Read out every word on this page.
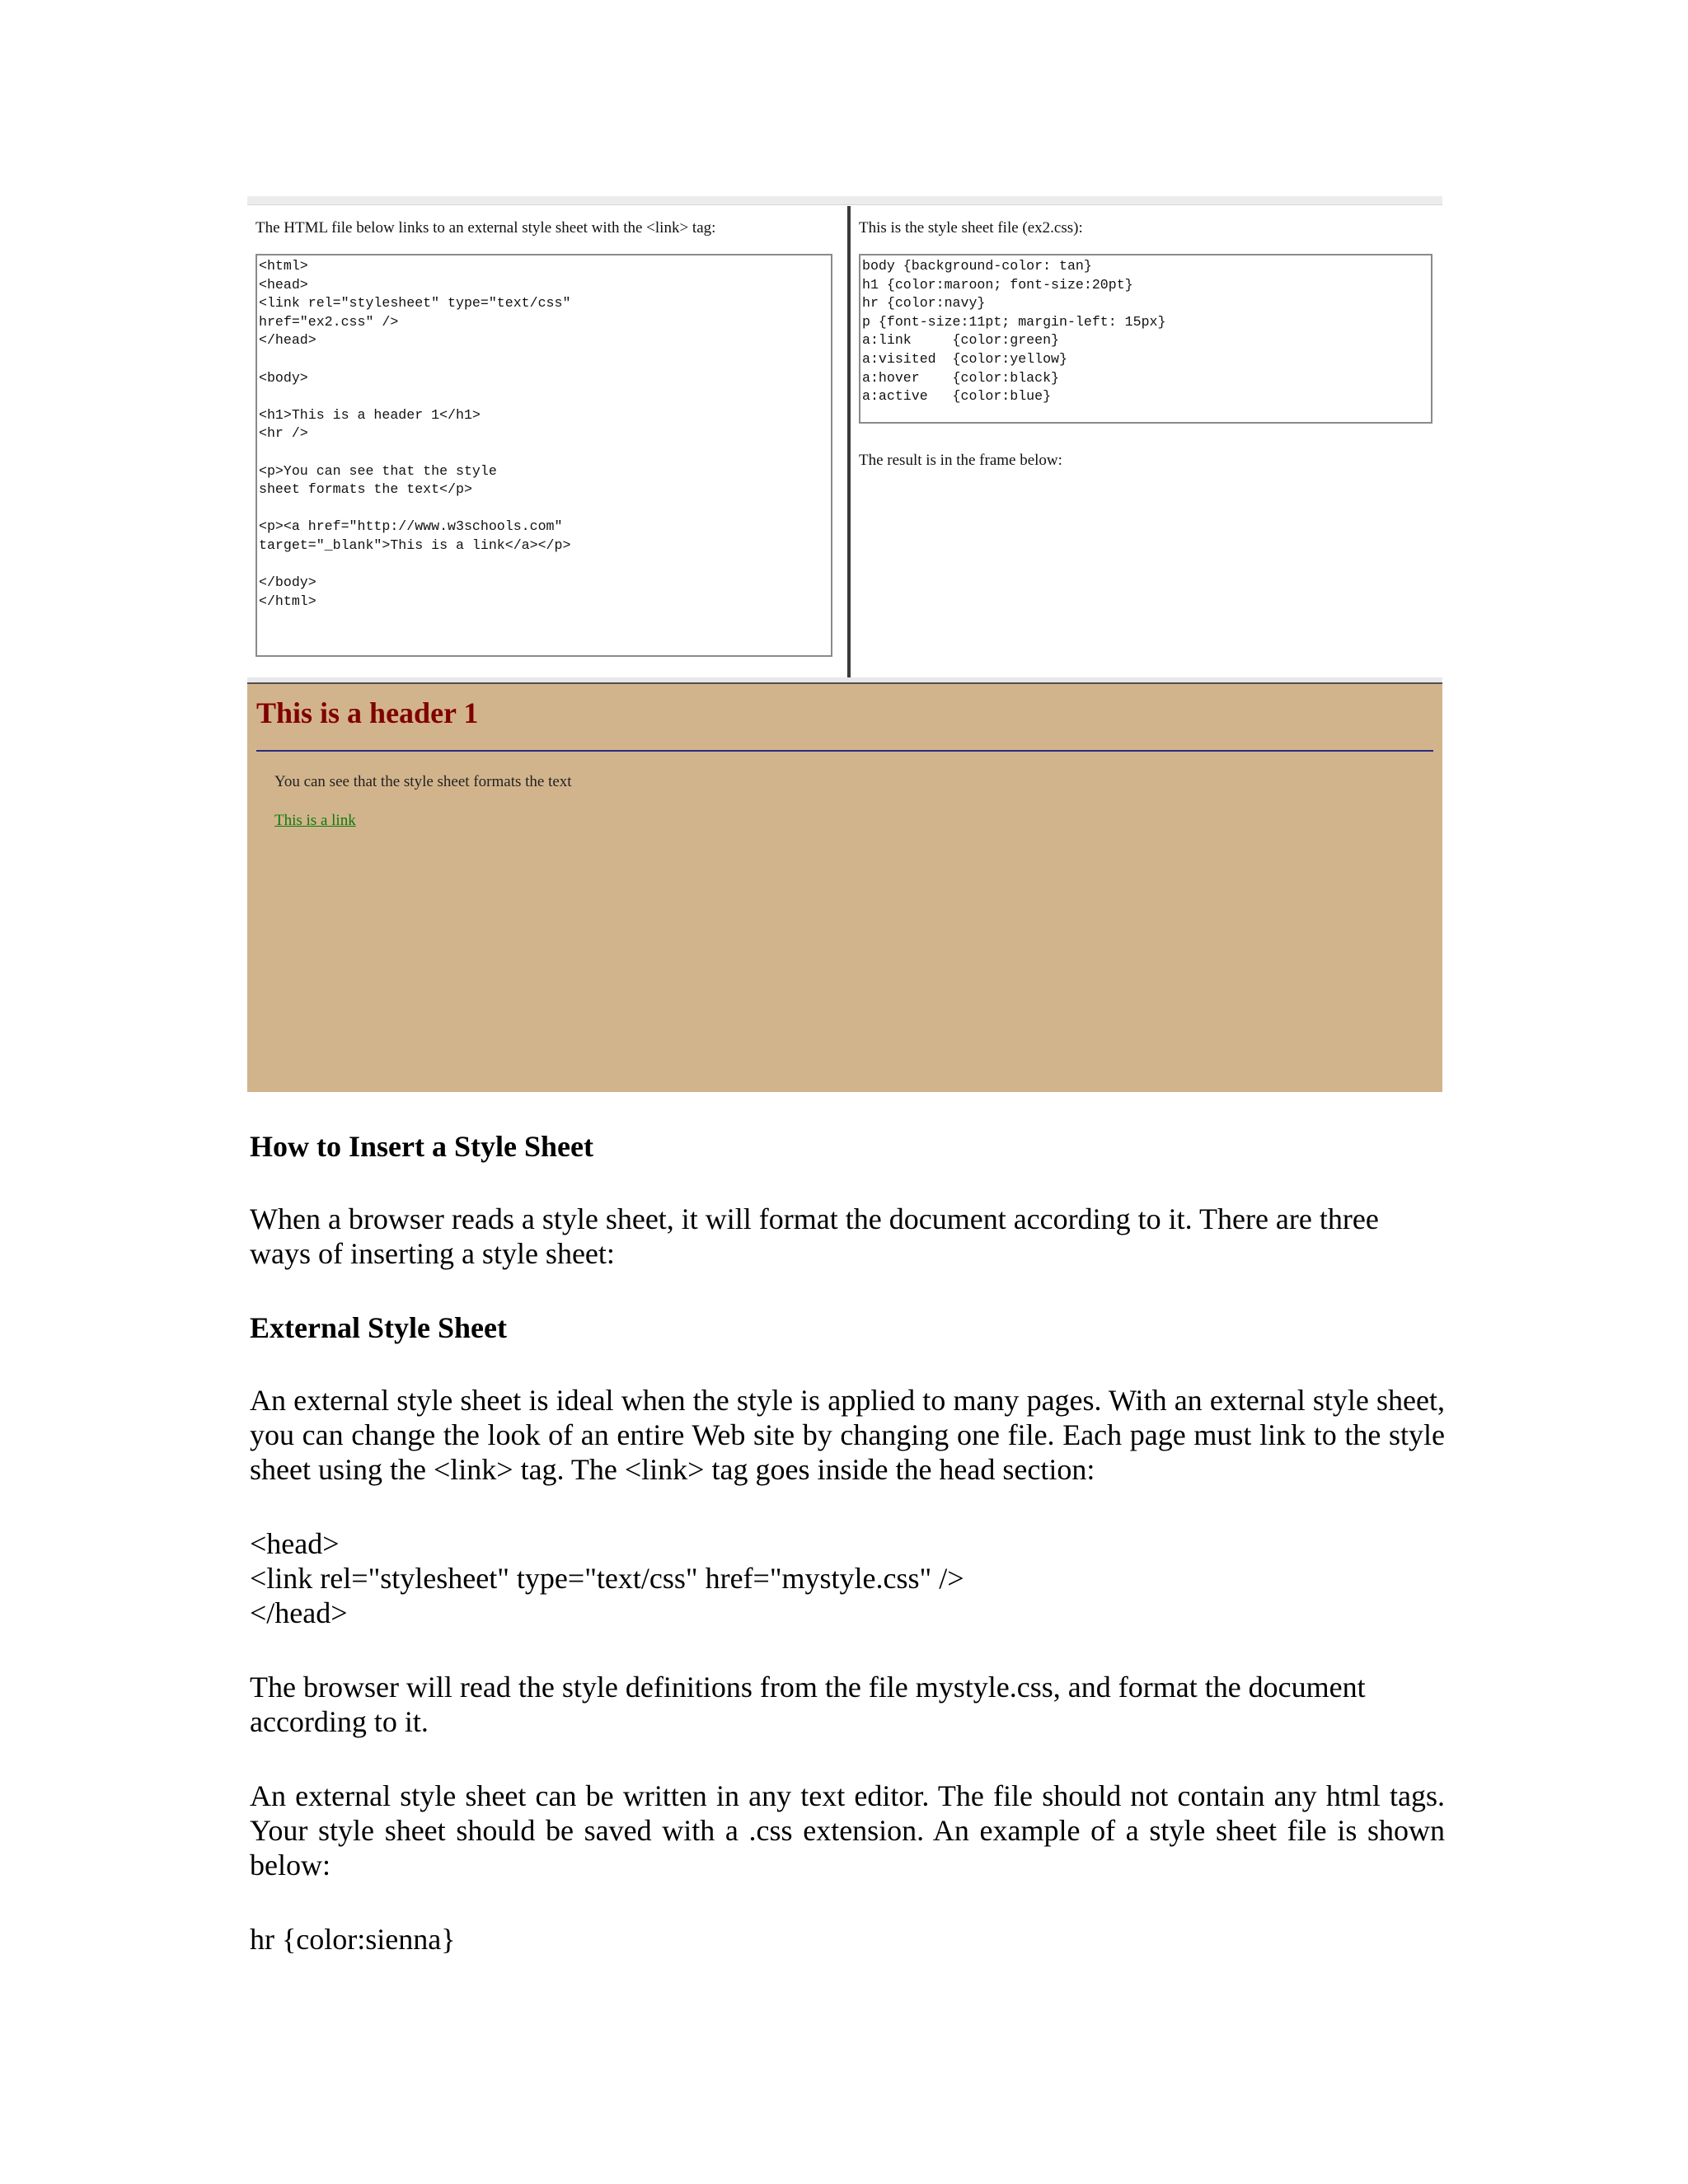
The HTML file below links to an external style sheet with the <link> tag:
<html>
<head>
<link rel="stylesheet" type="text/css"
href="ex2.css" />
</head>
<body>
<h1>This is a header 1</h1>
<hr />
<p>You can see that the style
sheet formats the text</p>
<p><a href="http://www.w3schools.com"
target="_blank">This is a link</a></p>
</body>
</html>
This is the style sheet file (ex2.css):
body {background-color: tan}
h1 {color:maroon; font-size:20pt}
hr {color:navy}
p {font-size:11pt; margin-left: 15px}
a:link     {color:green}
a:visited  {color:yellow}
a:hover    {color:black}
a:active   {color:blue}
The result is in the frame below:
This is a header 1
You can see that the style sheet formats the text
This is a link
How to Insert a Style Sheet
When a browser reads a style sheet, it will format the document according to it. There are three ways of inserting a style sheet:
External Style Sheet
An external style sheet is ideal when the style is applied to many pages. With an external style sheet, you can change the look of an entire Web site by changing one file. Each page must link to the style sheet using the <link> tag. The <link> tag goes inside the head section:
<head>
<link rel="stylesheet" type="text/css" href="mystyle.css" />
</head>
The browser will read the style definitions from the file mystyle.css, and format the document according to it.
An external style sheet can be written in any text editor. The file should not contain any html tags. Your style sheet should be saved with a .css extension. An example of a style sheet file is shown below:
hr {color:sienna}
